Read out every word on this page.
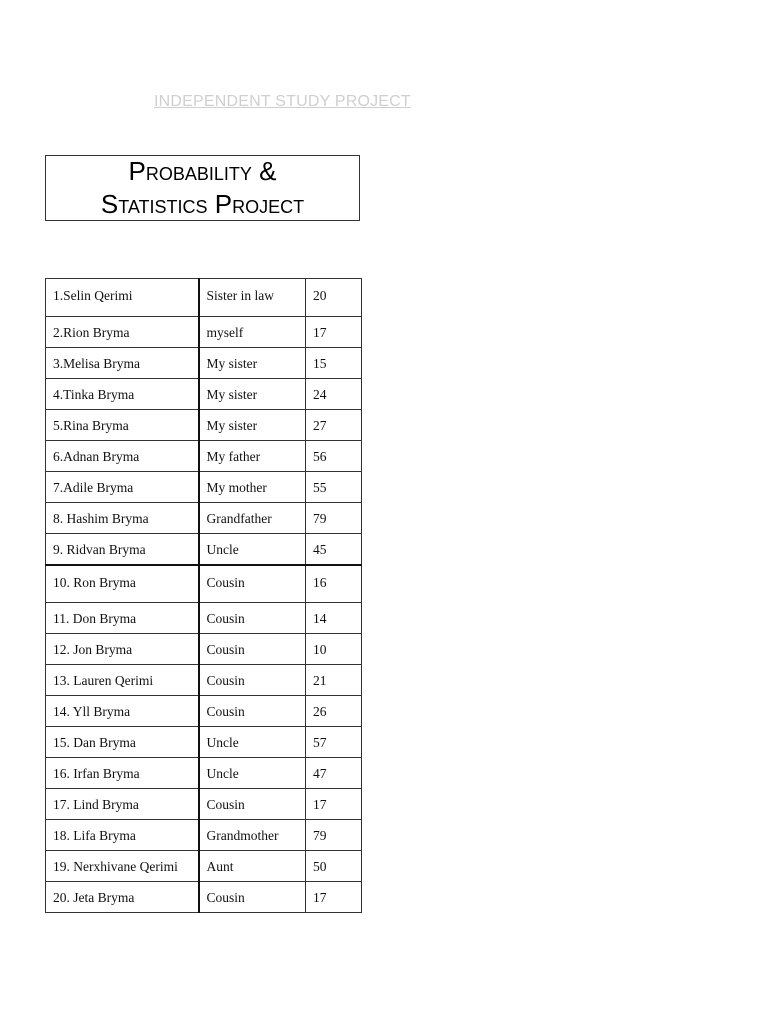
INDEPENDENT STUDY PROJECT
Probability &
Statistics Project
1.Selin Qerimi	Sister in law	20
2.Rion Bryma	myself	17
3.Melisa Bryma	My sister	15
4.Tinka Bryma	My sister	24
5.Rina Bryma	My sister	27
6.Adnan Bryma	My father	56
7.Adile Bryma	My mother	55
8. Hashim Bryma	Grandfather	79
9. Ridvan Bryma	Uncle	45
10. Ron Bryma	Cousin	16
11. Don Bryma	Cousin	14
12. Jon Bryma	Cousin	10
13. Lauren Qerimi	Cousin	21
14. Yll Bryma	Cousin	26
15. Dan Bryma	Uncle	57
16. Irfan Bryma	Uncle	47
17. Lind Bryma	Cousin	17
18. Lifa Bryma	Grandmother	79
19. Nerxhivane Qerimi	Aunt	50
20. Jeta Bryma	Cousin	17
